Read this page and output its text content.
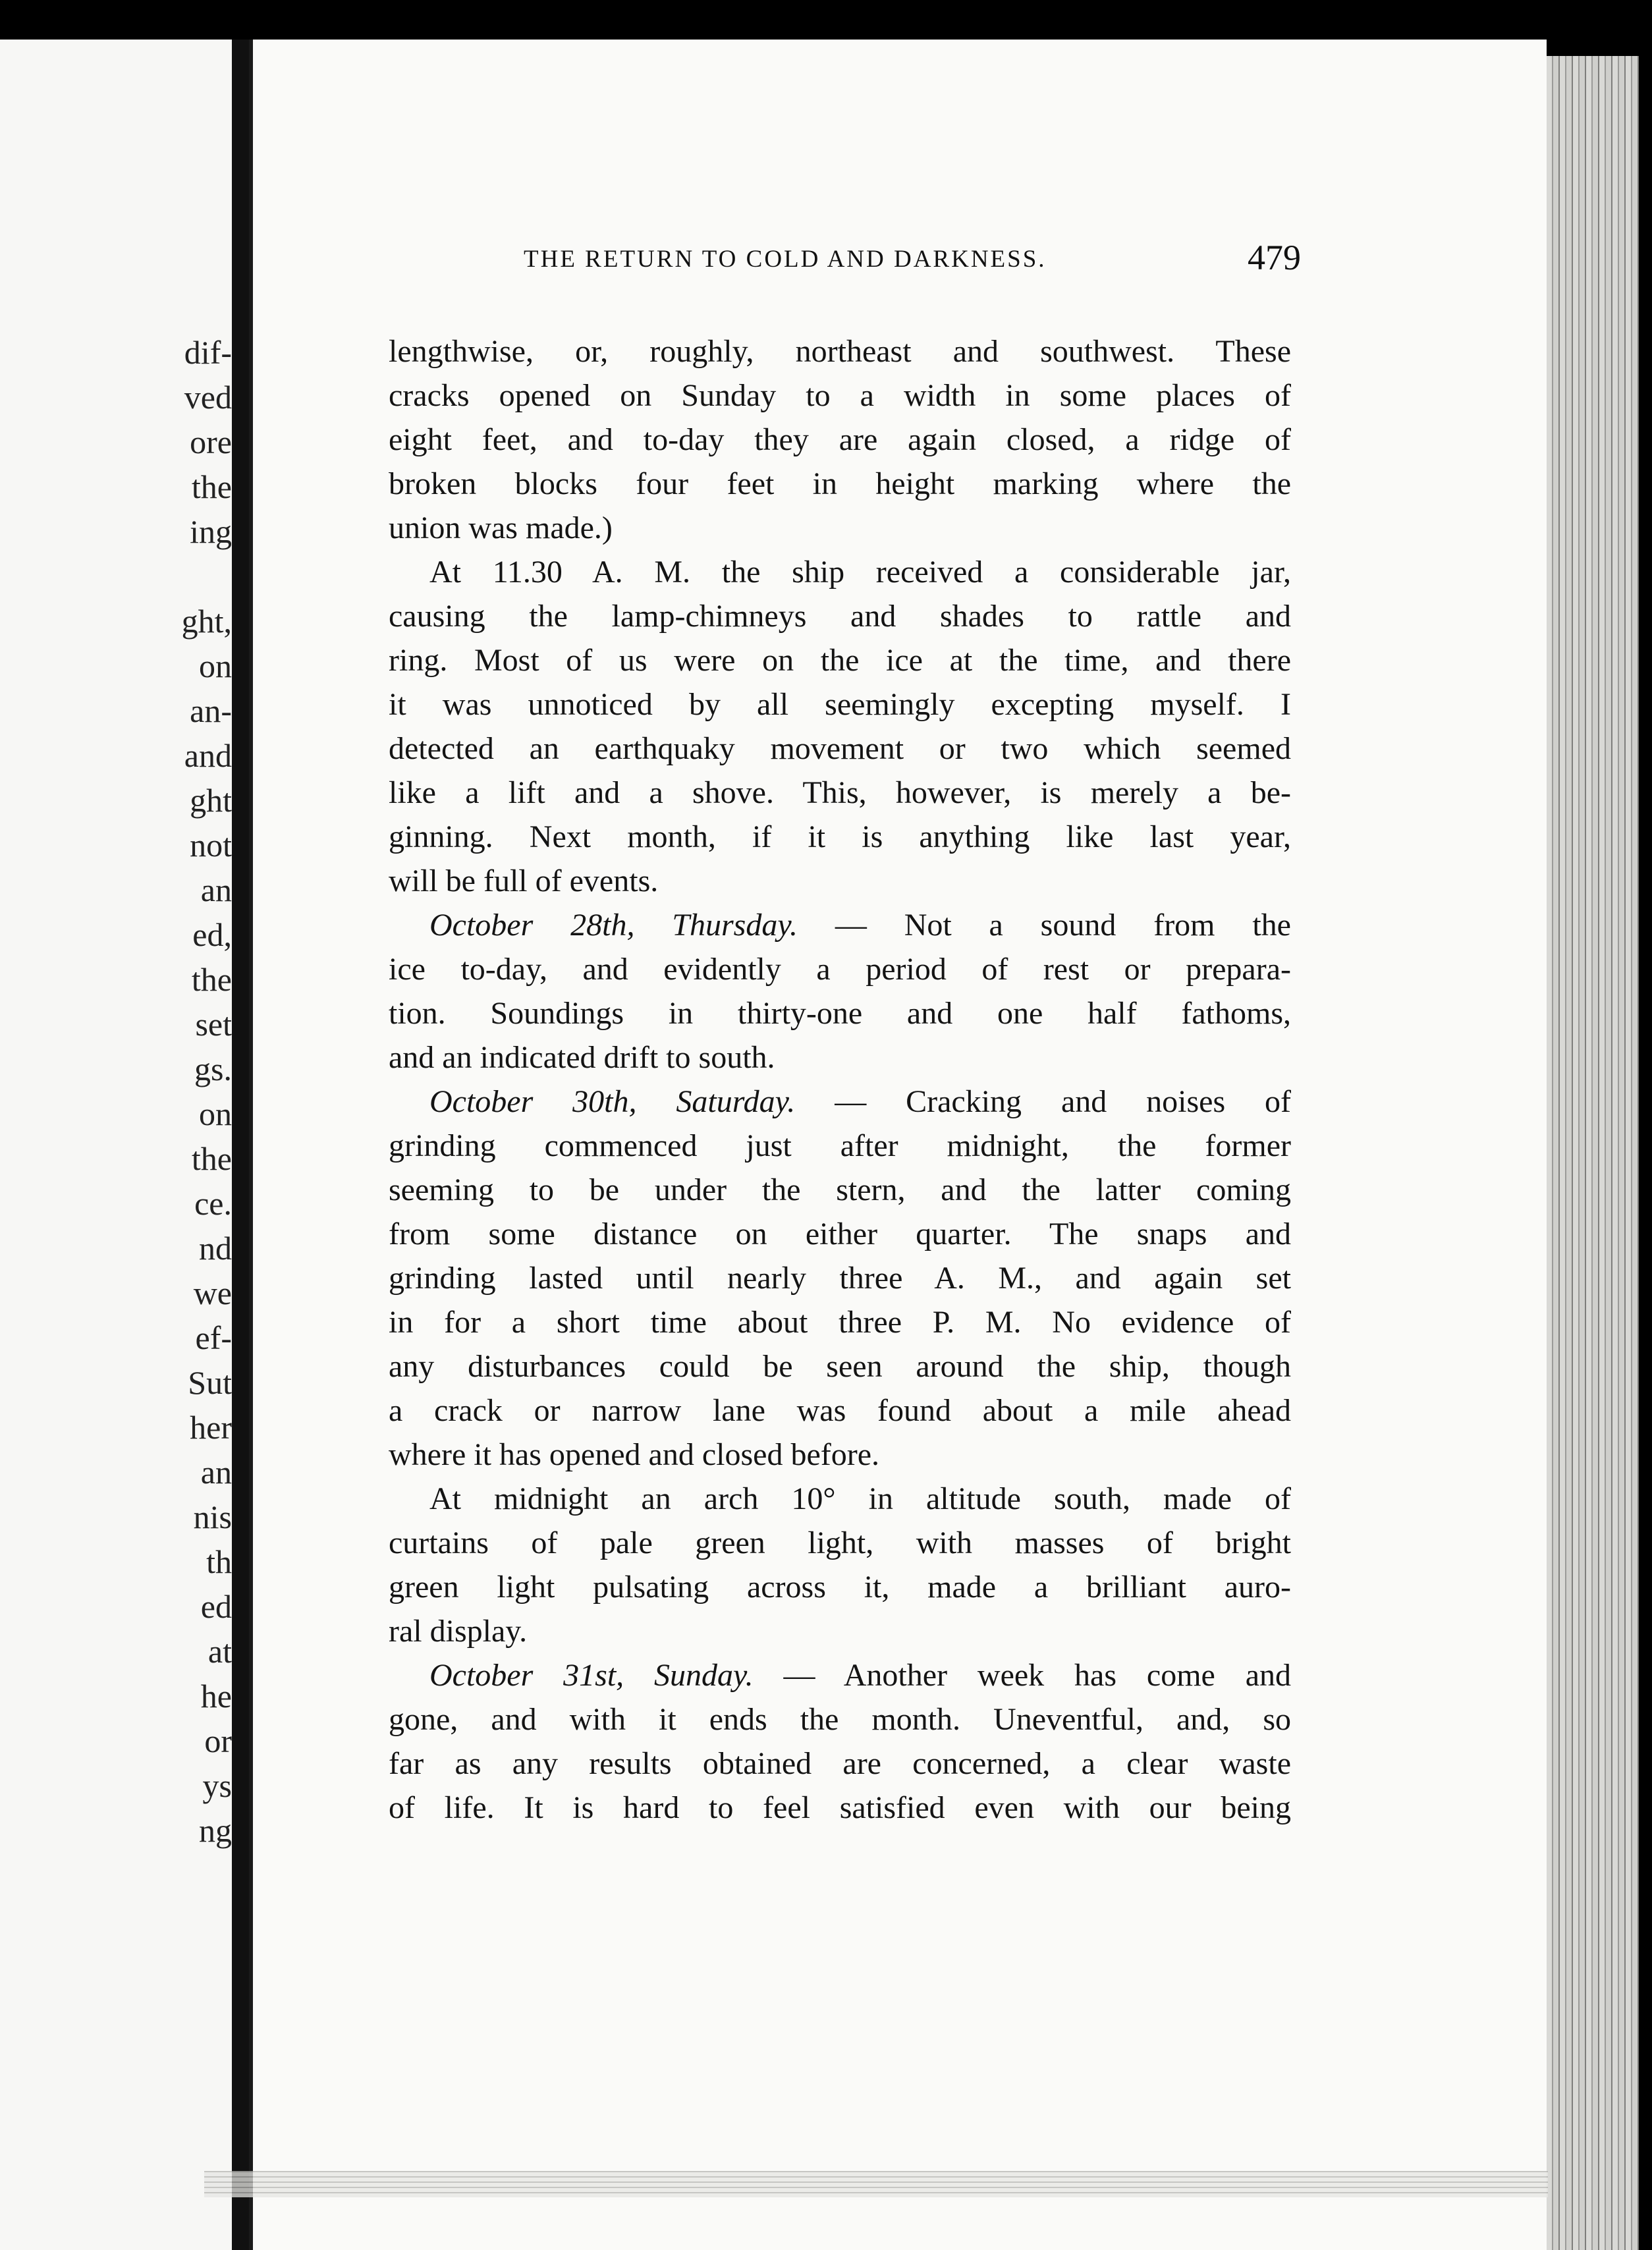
dif-
ved
ore
the
ing
ght,
on
an-
and
ght
not
an
ed,
the
set
gs.
on
the
ce.
nd
we
ef-
Sut
her
an
nis
th
ed
at
he
or
ys
ng
THE RETURN TO COLD AND DARKNESS.	479
lengthwise, or, roughly, northeast and southwest. These
cracks opened on Sunday to a width in some places of
eight feet, and to-day they are again closed, a ridge of
broken blocks four feet in height marking where the
union was made.)
At 11.30 A. M. the ship received a considerable jar,
causing the lamp-chimneys and shades to rattle and
ring. Most of us were on the ice at the time, and there
it was unnoticed by all seemingly excepting myself. I
detected an earthquaky movement or two which seemed
like a lift and a shove. This, however, is merely a be-
ginning. Next month, if it is anything like last year,
will be full of events.
October 28th, Thursday. — Not a sound from the
ice to-day, and evidently a period of rest or prepara-
tion. Soundings in thirty-one and one half fathoms,
and an indicated drift to south.
October 30th, Saturday. — Cracking and noises of
grinding commenced just after midnight, the former
seeming to be under the stern, and the latter coming
from some distance on either quarter. The snaps and
grinding lasted until nearly three A. M., and again set
in for a short time about three P. M. No evidence of
any disturbances could be seen around the ship, though
a crack or narrow lane was found about a mile ahead
where it has opened and closed before.
At midnight an arch 10° in altitude south, made of
curtains of pale green light, with masses of bright
green light pulsating across it, made a brilliant auro-
ral display.
October 31st, Sunday. — Another week has come and
gone, and with it ends the month. Uneventful, and, so
far as any results obtained are concerned, a clear waste
of life. It is hard to feel satisfied even with our being
